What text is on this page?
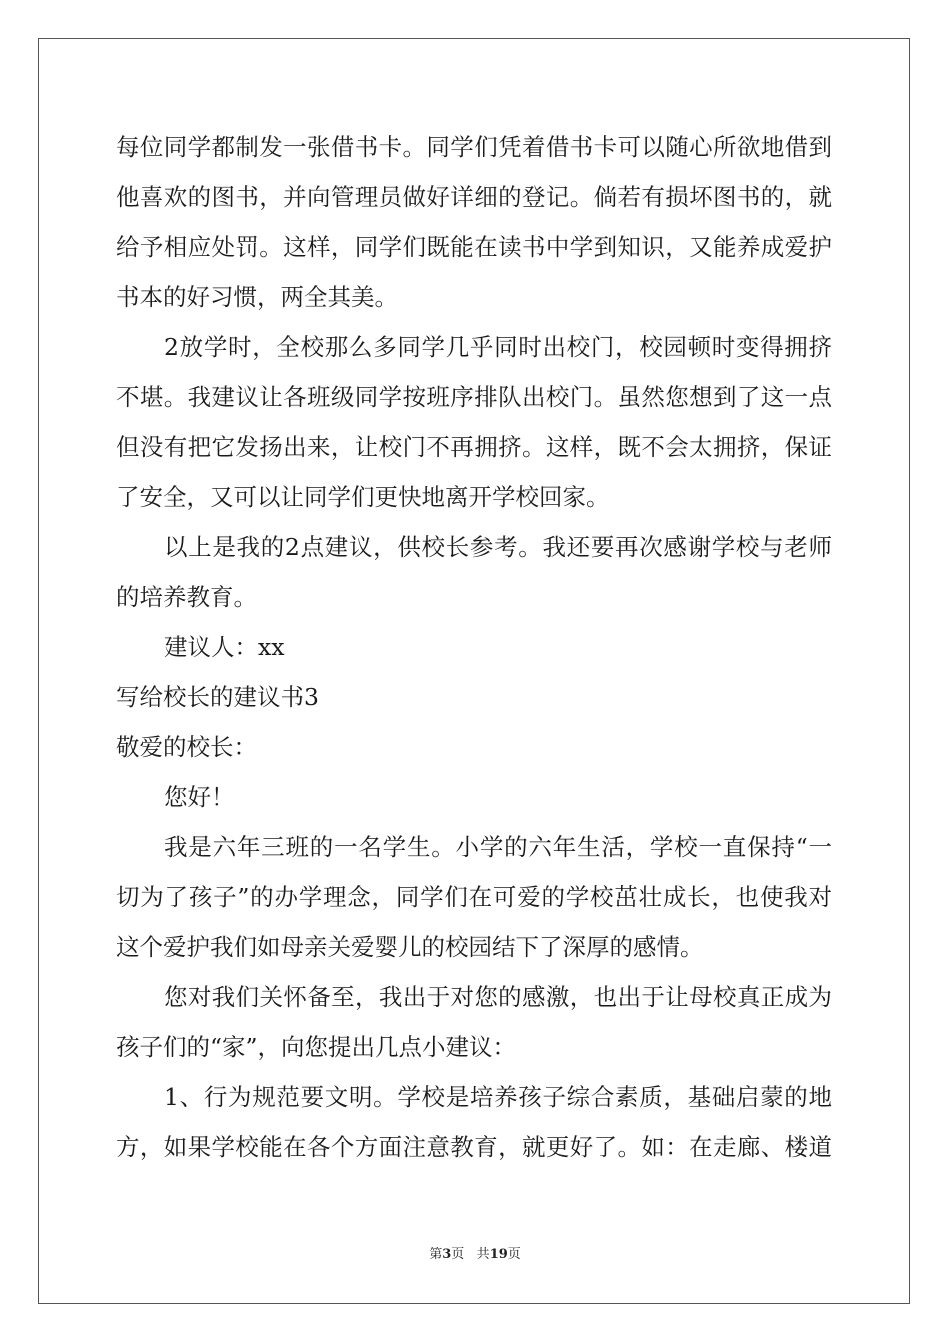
每位同学都制发一张借书卡。同学们凭着借书卡可以随心所欲地借到
他喜欢的图书，并向管理员做好详细的登记。倘若有损坏图书的，就
给予相应处罚。这样，同学们既能在读书中学到知识，又能养成爱护
书本的好习惯，两全其美。
2放学时，全校那么多同学几乎同时出校门，校园顿时变得拥挤
不堪。我建议让各班级同学按班序排队出校门。虽然您想到了这一点
但没有把它发扬出来，让校门不再拥挤。这样，既不会太拥挤，保证
了安全，又可以让同学们更快地离开学校回家。
以上是我的2点建议，供校长参考。我还要再次感谢学校与老师
的培养教育。
建议人：xx
写给校长的建议书3
敬爱的校长：
您好！
我是六年三班的一名学生。小学的六年生活，学校一直保持“一
切为了孩子”的办学理念，同学们在可爱的学校茁壮成长，也使我对
这个爱护我们如母亲关爱婴儿的校园结下了深厚的感情。
您对我们关怀备至，我出于对您的感激，也出于让母校真正成为
孩子们的“家”，向您提出几点小建议：
1、行为规范要文明。学校是培养孩子综合素质，基础启蒙的地
方，如果学校能在各个方面注意教育，就更好了。如：在走廊、楼道
第3页 共19页
